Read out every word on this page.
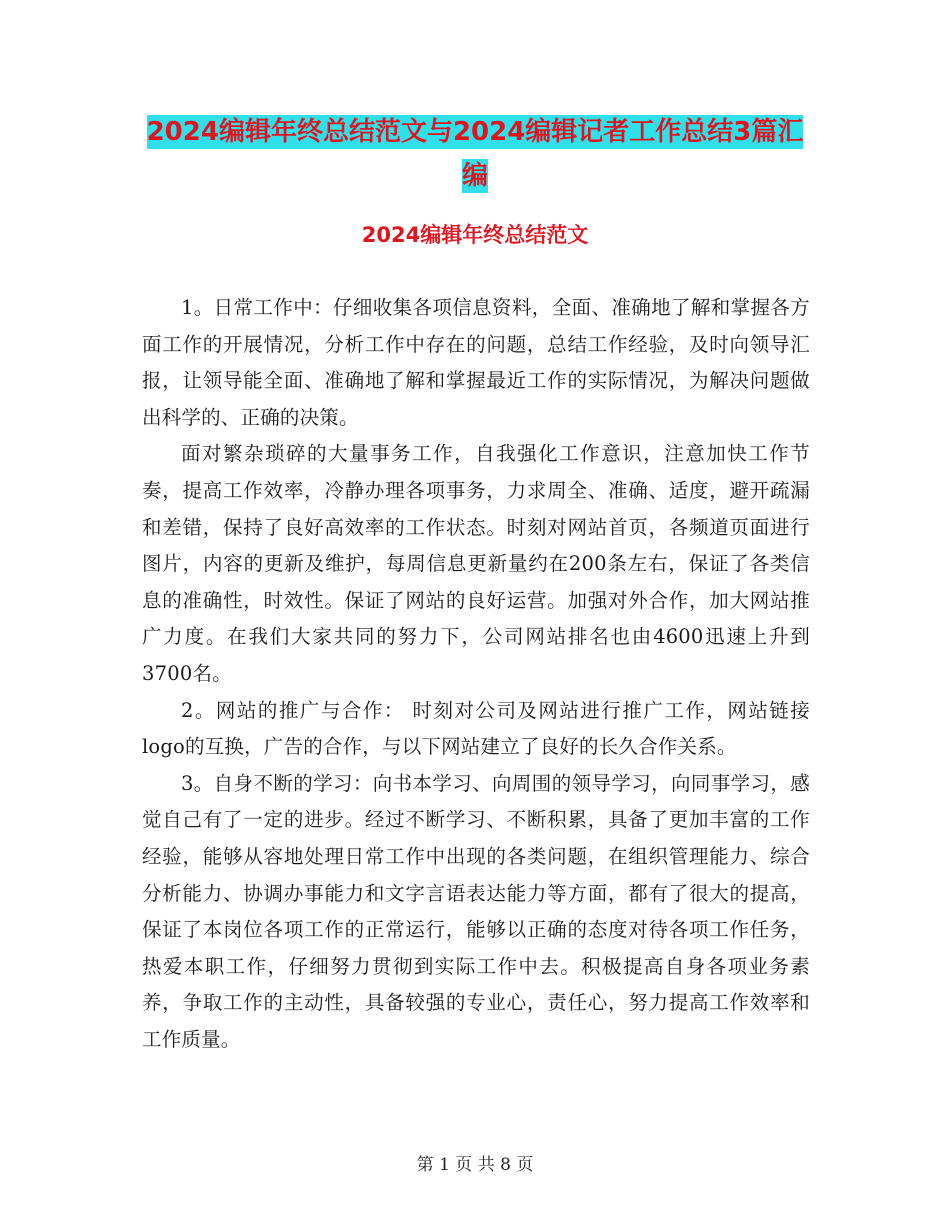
2024编辑年终总结范文与2024编辑记者工作总结3篇汇编
2024编辑年终总结范文

1。日常工作中：仔细收集各项信息资料，全面、准确地了解和掌握各方面工作的开展情况，分析工作中存在的问题，总结工作经验，及时向领导汇报，让领导能全面、准确地了解和掌握最近工作的实际情况，为解决问题做出科学的、正确的决策。

面对繁杂琐碎的大量事务工作，自我强化工作意识，注意加快工作节奏，提高工作效率，冷静办理各项事务，力求周全、准确、适度，避开疏漏和差错，保持了良好高效率的工作状态。时刻对网站首页，各频道页面进行图片，内容的更新及维护，每周信息更新量约在200条左右，保证了各类信息的准确性，时效性。保证了网站的良好运营。加强对外合作，加大网站推广力度。在我们大家共同的努力下，公司网站排名也由4600迅速上升到3700名。

2。网站的推广与合作： 时刻对公司及网站进行推广工作，网站链接logo的互换，广告的合作，与以下网站建立了良好的长久合作关系。

3。自身不断的学习：向书本学习、向周围的领导学习，向同事学习，感觉自己有了一定的进步。经过不断学习、不断积累，具备了更加丰富的工作经验，能够从容地处理日常工作中出现的各类问题，在组织管理能力、综合分析能力、协调办事能力和文字言语表达能力等方面，都有了很大的提高，保证了本岗位各项工作的正常运行，能够以正确的态度对待各项工作任务，热爱本职工作，仔细努力贯彻到实际工作中去。积极提高自身各项业务素养，争取工作的主动性，具备较强的专业心，责任心，努力提高工作效率和工作质量。

第 1 页 共 8 页
